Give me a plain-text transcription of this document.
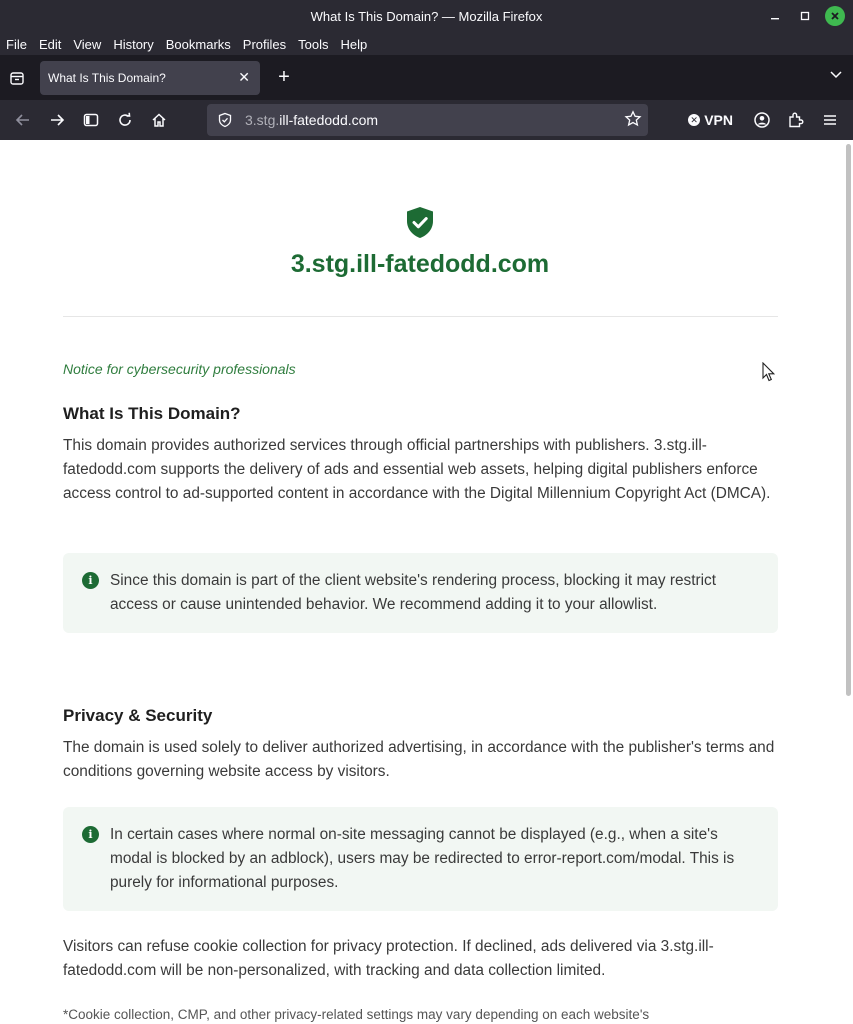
What Is This Domain? — Mozilla Firefox
File Edit View History Bookmarks Profiles Tools Help
What Is This Domain?	✕	+
3.stg.ill-fatedodd.com	✕ VPN
3.stg.ill-fatedodd.com
Notice for cybersecurity professionals
What Is This Domain?
This domain provides authorized services through official partnerships with publishers. 3.stg.ill-fatedodd.com supports the delivery of ads and essential web assets, helping digital publishers enforce access control to ad-supported content in accordance with the Digital Millennium Copyright Act (DMCA).
i	Since this domain is part of the client website's rendering process, blocking it may restrict access or cause unintended behavior. We recommend adding it to your allowlist.
Privacy & Security
The domain is used solely to deliver authorized advertising, in accordance with the publisher's terms and conditions governing website access by visitors.
i	In certain cases where normal on-site messaging cannot be displayed (e.g., when a site's modal is blocked by an adblock), users may be redirected to error-report.com/modal. This is purely for informational purposes.
Visitors can refuse cookie collection for privacy protection. If declined, ads delivered via 3.stg.ill-fatedodd.com will be non-personalized, with tracking and data collection limited.
*Cookie collection, CMP, and other privacy-related settings may vary depending on each website's
